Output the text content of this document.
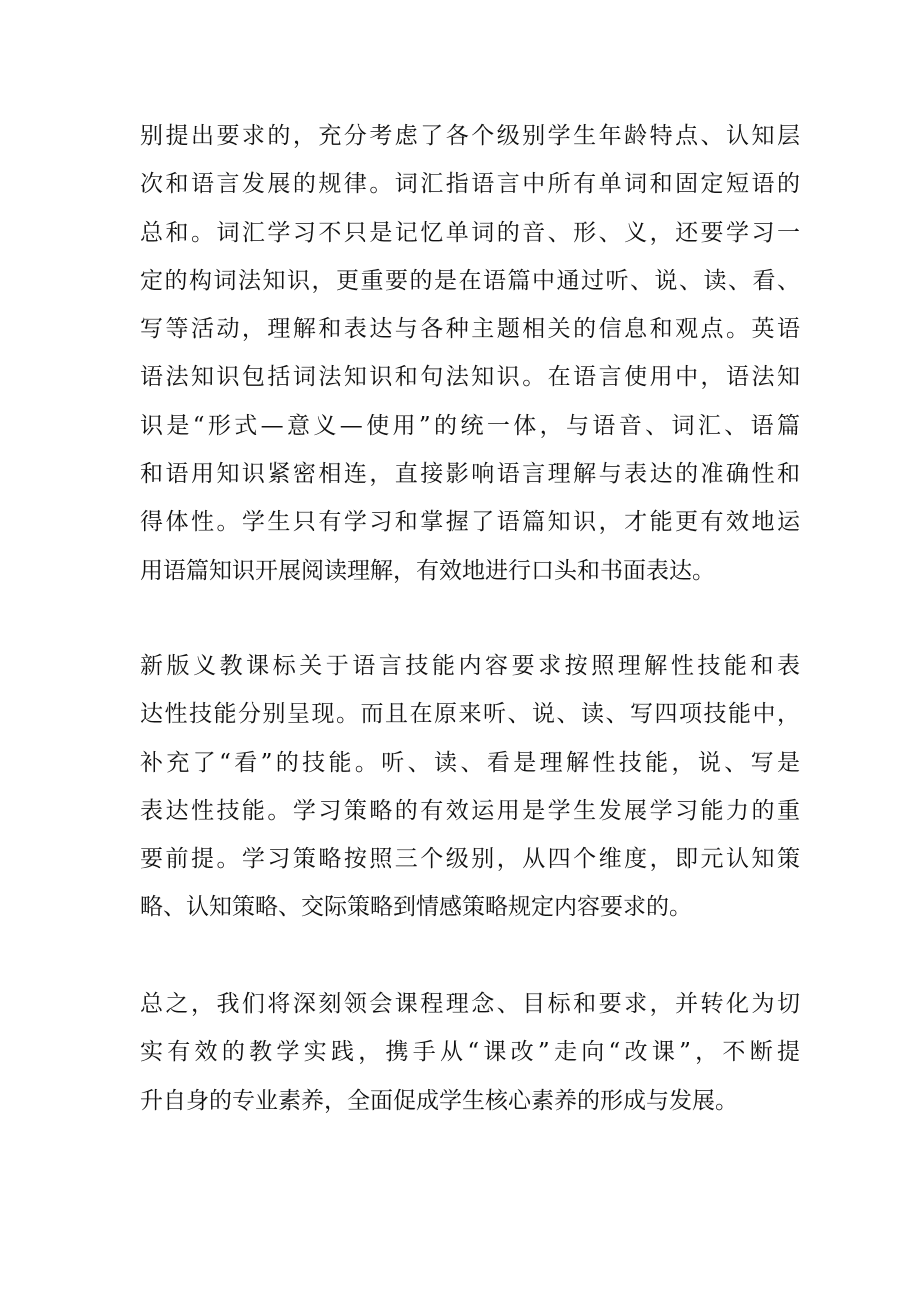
别提出要求的，充分考虑了各个级别学生年龄特点、认知层
次和语言发展的规律。词汇指语言中所有单词和固定短语的
总和。词汇学习不只是记忆单词的音、形、义，还要学习一
定的构词法知识，更重要的是在语篇中通过听、说、读、看、
写等活动，理解和表达与各种主题相关的信息和观点。英语
语法知识包括词法知识和句法知识。在语言使用中，语法知
识是“形式—意义—使用”的统一体，与语音、词汇、语篇
和语用知识紧密相连，直接影响语言理解与表达的准确性和
得体性。学生只有学习和掌握了语篇知识，才能更有效地运
用语篇知识开展阅读理解，有效地进行口头和书面表达。
新版义教课标关于语言技能内容要求按照理解性技能和表
达性技能分别呈现。而且在原来听、说、读、写四项技能中，
补充了“看”的技能。听、读、看是理解性技能，说、写是
表达性技能。学习策略的有效运用是学生发展学习能力的重
要前提。学习策略按照三个级别，从四个维度，即元认知策
略、认知策略、交际策略到情感策略规定内容要求的。
总之，我们将深刻领会课程理念、目标和要求，并转化为切
实有效的教学实践，携手从“课改”走向“改课”，不断提
升自身的专业素养，全面促成学生核心素养的形成与发展。
